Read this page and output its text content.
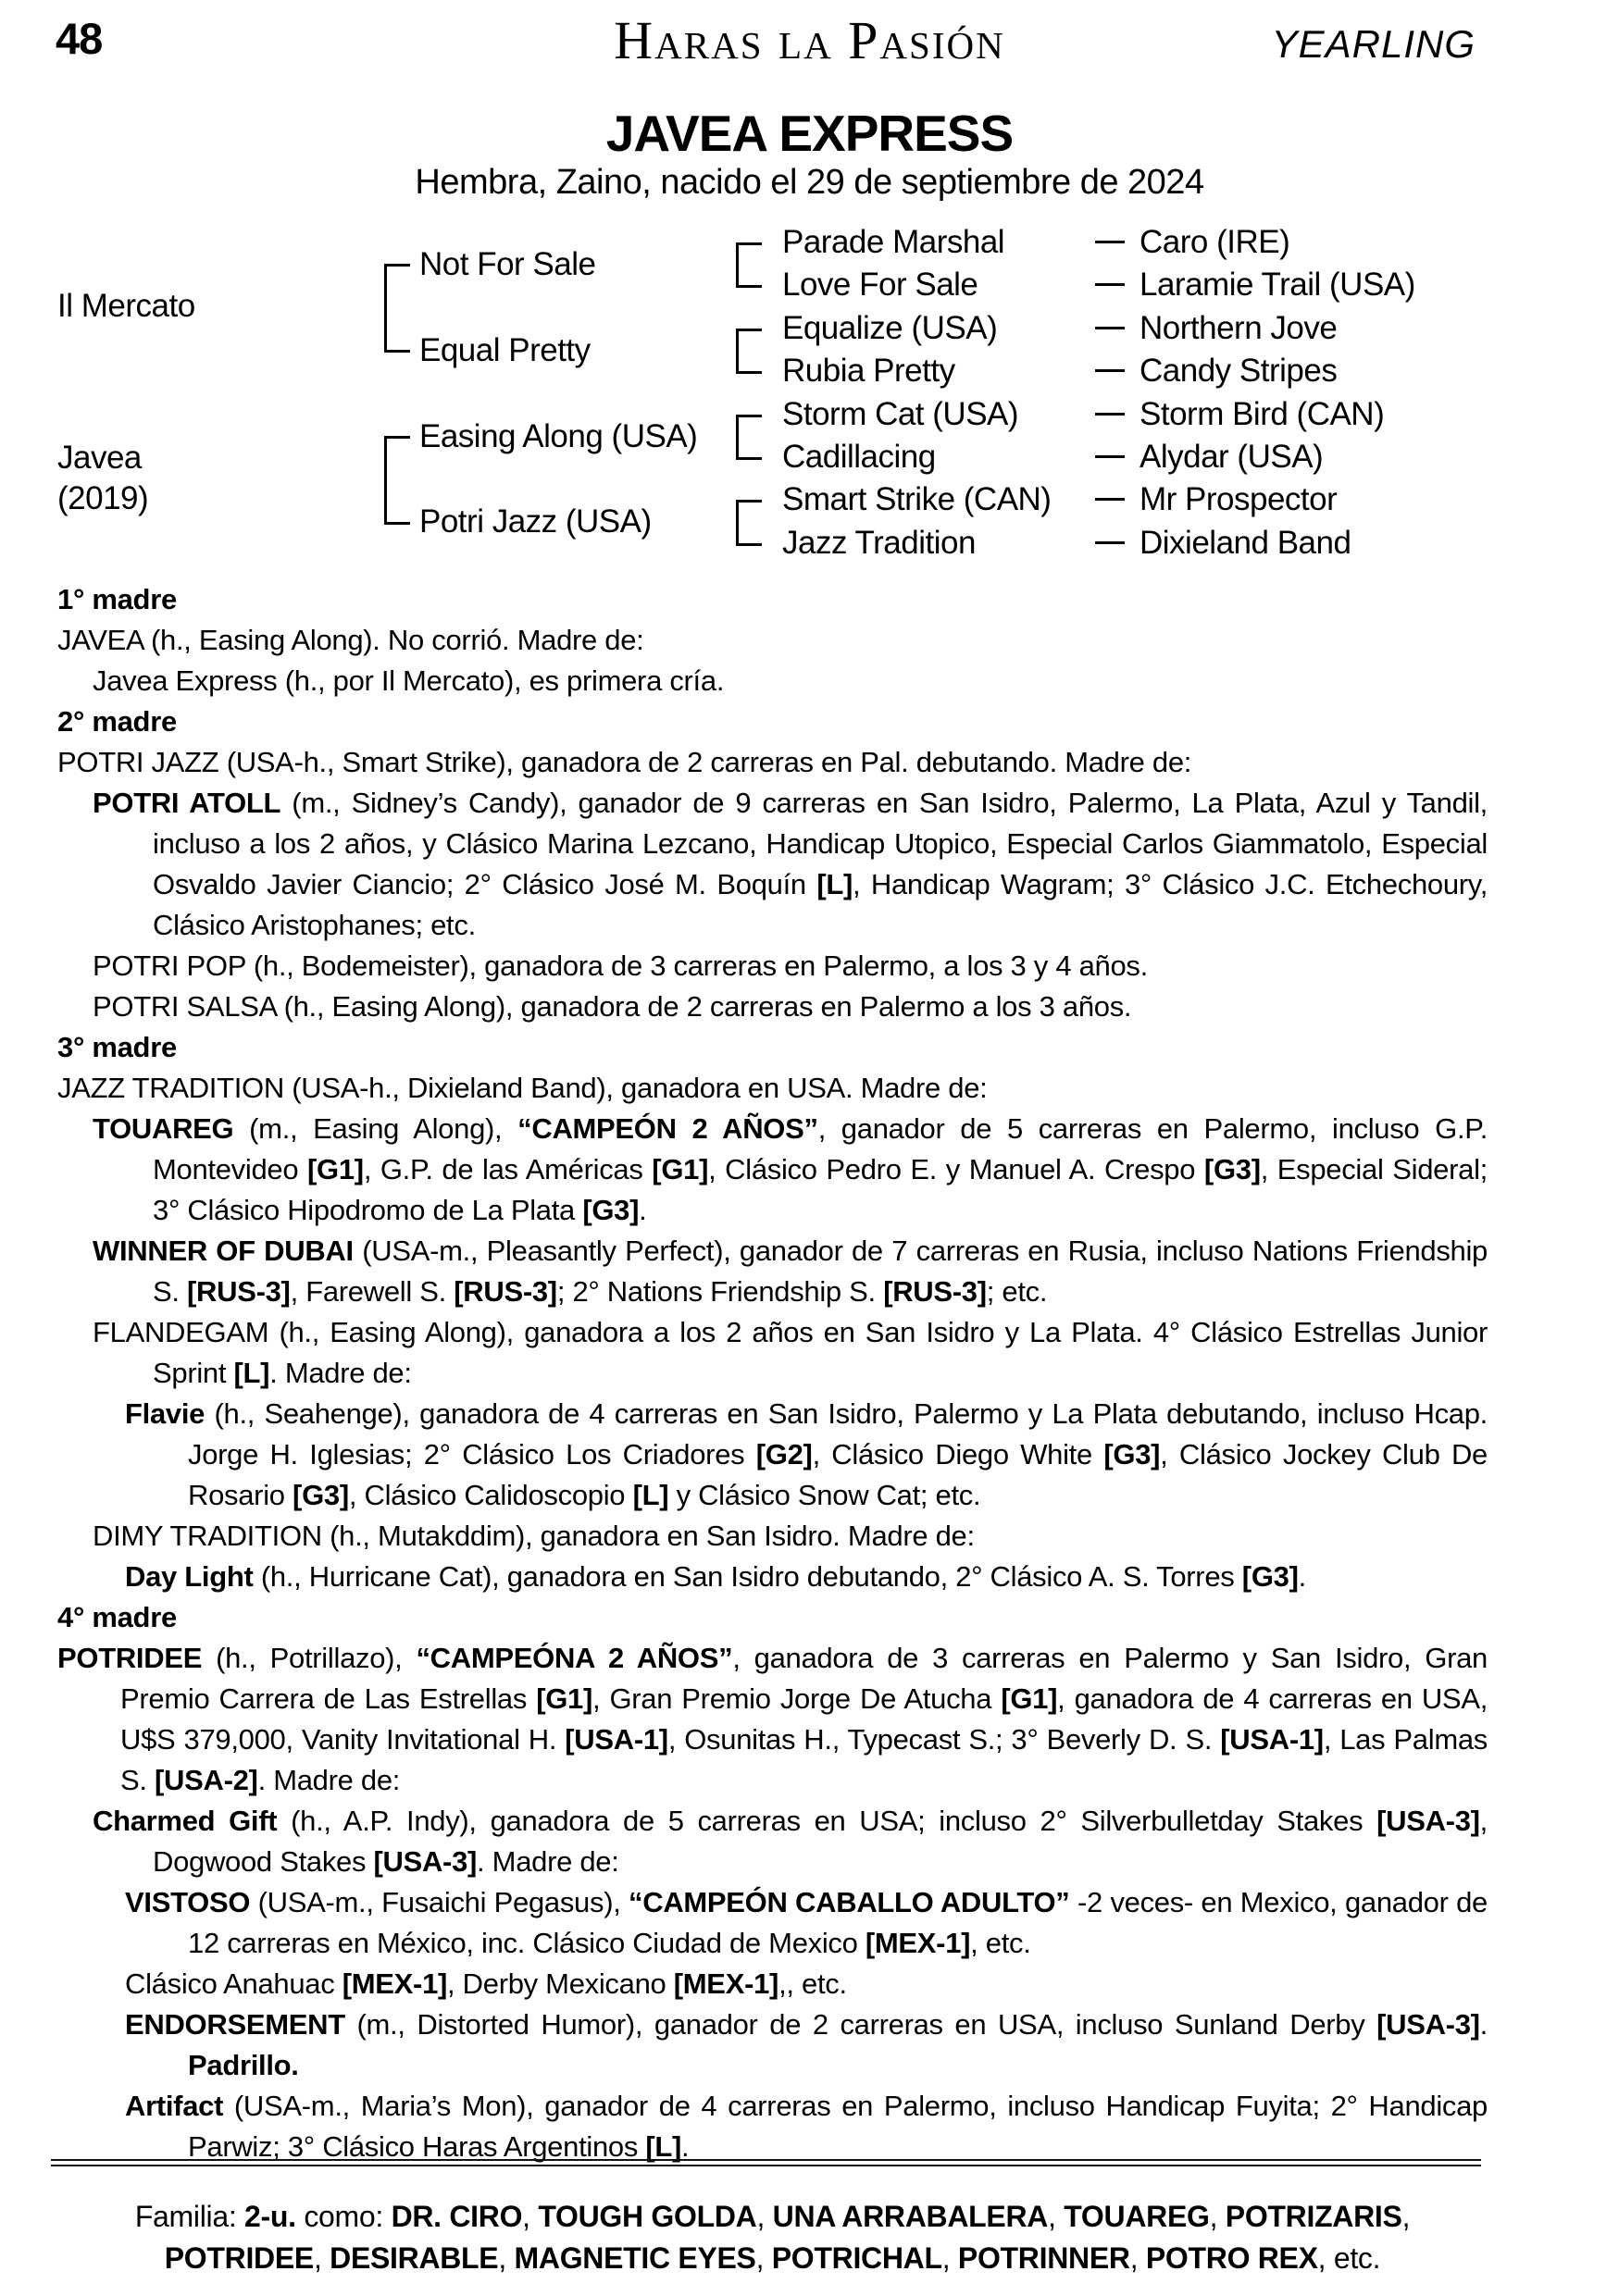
48	Haras la Pasión	YEARLING
JAVEA EXPRESS
Hembra, Zaino, nacido el 29 de septiembre de 2024
Il Mercato
Javea
(2019)
Not For Sale
Equal Pretty
Easing Along (USA)
Potri Jazz (USA)
Parade Marshal
Love For Sale
Equalize (USA)
Rubia Pretty
Storm Cat (USA)
Cadillacing
Smart Strike (CAN)
Jazz Tradition
Caro (IRE)
Laramie Trail (USA)
Northern Jove
Candy Stripes
Storm Bird (CAN)
Alydar (USA)
Mr Prospector
Dixieland Band

1° madre

JAVEA (h., Easing Along). No corrió. Madre de:

Javea Express (h., por Il Mercato), es primera cría.

2° madre

POTRI JAZZ (USA-h., Smart Strike), ganadora de 2 carreras en Pal. debutando. Madre de:

POTRI ATOLL (m., Sidney’s Candy), ganador de 9 carreras en San Isidro, Palermo, La Plata, Azul y Tandil, incluso a los 2 años, y Clásico Marina Lezcano, Handicap Utopico, Especial Carlos Giammatolo, Especial Osvaldo Javier Ciancio; 2° Clásico José M. Boquín [L], Handicap Wagram; 3° Clásico J.C. Etchechoury, Clásico Aristophanes; etc.

POTRI POP (h., Bodemeister), ganadora de 3 carreras en Palermo, a los 3 y 4 años.

POTRI SALSA (h., Easing Along), ganadora de 2 carreras en Palermo a los 3 años.

3° madre

JAZZ TRADITION (USA-h., Dixieland Band), ganadora en USA. Madre de:

TOUAREG (m., Easing Along), “CAMPEÓN 2 AÑOS”, ganador de 5 carreras en Palermo, incluso G.P. Montevideo [G1], G.P. de las Américas [G1], Clásico Pedro E. y Manuel A. Crespo [G3], Especial Sideral; 3° Clásico Hipodromo de La Plata [G3].

WINNER OF DUBAI (USA-m., Pleasantly Perfect), ganador de 7 carreras en Rusia, incluso Nations Friendship S. [RUS-3], Farewell S. [RUS-3]; 2° Nations Friendship S. [RUS-3]; etc.

FLANDEGAM (h., Easing Along), ganadora a los 2 años en San Isidro y La Plata. 4° Clásico Estrellas Junior Sprint [L]. Madre de:

Flavie (h., Seahenge), ganadora de 4 carreras en San Isidro, Palermo y La Plata debutando, incluso Hcap. Jorge H. Iglesias; 2° Clásico Los Criadores [G2], Clásico Diego White [G3], Clásico Jockey Club De Rosario [G3], Clásico Calidoscopio [L] y Clásico Snow Cat; etc.

DIMY TRADITION (h., Mutakddim), ganadora en San Isidro. Madre de:

Day Light (h., Hurricane Cat), ganadora en San Isidro debutando, 2° Clásico A. S. Torres [G3].

4° madre

POTRIDEE (h., Potrillazo), “CAMPEÓNA 2 AÑOS”, ganadora de 3 carreras en Palermo y San Isidro, Gran Premio Carrera de Las Estrellas [G1], Gran Premio Jorge De Atucha [G1], ganadora de 4 carreras en USA, U$S 379,000, Vanity Invitational H. [USA-1], Osunitas H., Typecast S.; 3° Beverly D. S. [USA-1], Las Palmas S. [USA-2]. Madre de:

Charmed Gift (h., A.P. Indy), ganadora de 5 carreras en USA; incluso 2° Silverbulletday Stakes [USA-3], Dogwood Stakes [USA-3]. Madre de:

VISTOSO (USA-m., Fusaichi Pegasus), “CAMPEÓN CABALLO ADULTO” -2 veces- en Mexico, ganador de 12 carreras en México, inc. Clásico Ciudad de Mexico [MEX-1], etc.

Clásico Anahuac [MEX-1], Derby Mexicano [MEX-1],, etc.

ENDORSEMENT (m., Distorted Humor), ganador de 2 carreras en USA, incluso Sunland Derby [USA-3]. Padrillo.

Artifact (USA-m., Maria’s Mon), ganador de 4 carreras en Palermo, incluso Handicap Fuyita; 2° Handicap Parwiz; 3° Clásico Haras Argentinos [L].

Familia: 2-u. como: DR. CIRO, TOUGH GOLDA, UNA ARRABALERA, TOUAREG, POTRIZARIS, POTRIDEE, DESIRABLE, MAGNETIC EYES, POTRICHAL, POTRINNER, POTRO REX, etc.
